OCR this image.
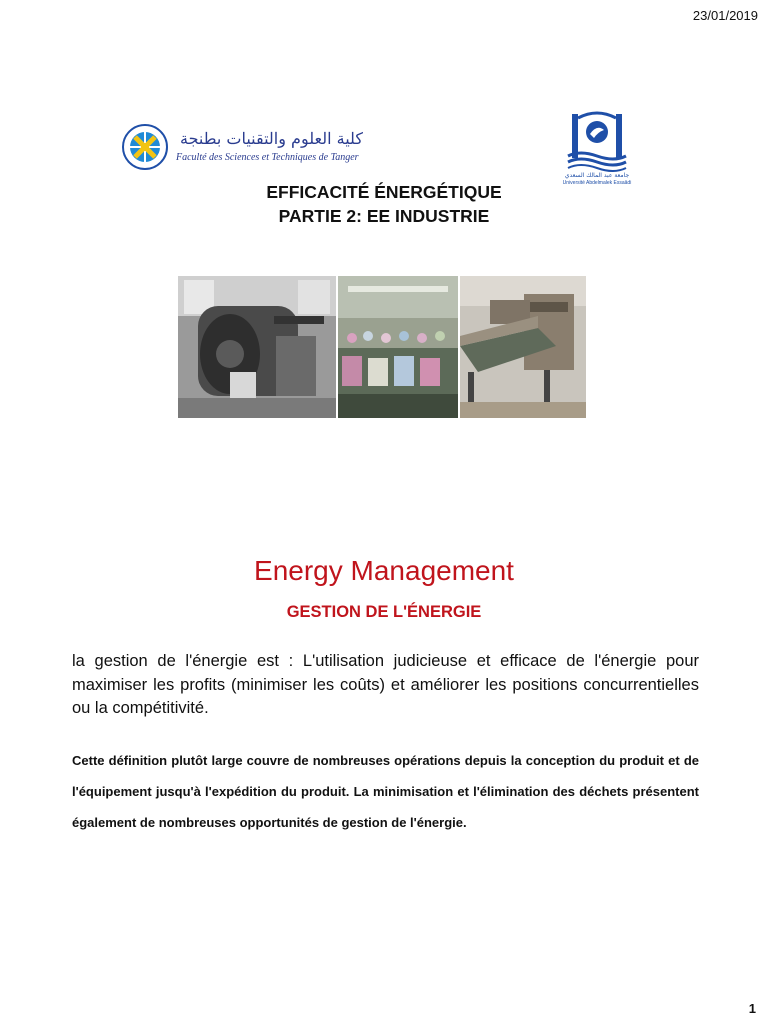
23/01/2019
كلية العلوم والتقنيات بطنجة
Faculté des Sciences et Techniques de Tanger
جامعة عبد المالك السعدي
Université Abdelmalek Essaâdi
EFFICACITÉ ÉNERGÉTIQUE
PARTIE 2: EE INDUSTRIE
Energy Management
GESTION DE L'ÉNERGIE
la gestion de l'énergie est : L'utilisation judicieuse et efficace de l'énergie pour maximiser les profits (minimiser les coûts) et améliorer les positions concurrentielles ou la compétitivité.
Cette définition plutôt large couvre de nombreuses opérations depuis la conception du produit et de l'équipement jusqu'à l'expédition du produit. La minimisation et l'élimination des déchets présentent également de nombreuses opportunités de gestion de l'énergie.
1
